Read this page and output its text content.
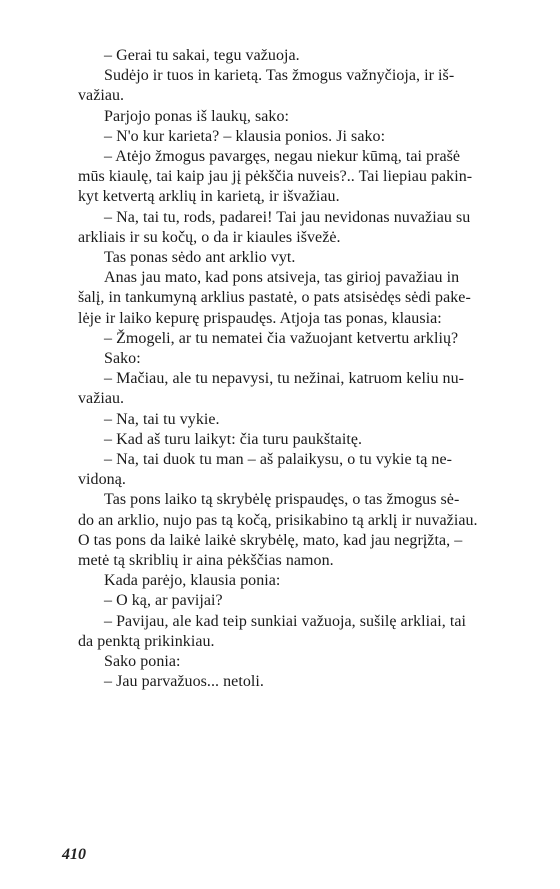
– Gerai tu sakai, tegu važuoja.

Sudėjo ir tuos in karietą. Tas žmogus važnyčioja, ir iš-
važiau.

Parjojo ponas iš laukų, sako:

– N'o kur karieta? – klausia ponios. Ji sako:

– Atėjo žmogus pavargęs, negau niekur kūmą, tai prašė
mūs kiaulę, tai kaip jau jį pėkščia nuveis?.. Tai liepiau pakin-
kyt ketvertą arklių in karietą, ir išvažiau.

– Na, tai tu, rods, padarei! Tai jau nevidonas nuvažiau su
arkliais ir su kočų, o da ir kiaules išvežė.

Tas ponas sėdo ant arklio vyt.

Anas jau mato, kad pons atsiveja, tas girioj pavažiau in
šalį, in tankumyną arklius pastatė, o pats atsisėdęs sėdi pake-
lėje ir laiko kepurę prispaudęs. Atjoja tas ponas, klausia:

– Žmogeli, ar tu nematei čia važuojant ketvertu arklių?

Sako:

– Mačiau, ale tu nepavysi, tu nežinai, katruom keliu nu-
važiau.

– Na, tai tu vykie.

– Kad aš turu laikyt: čia turu paukštaitę.

– Na, tai duok tu man – aš palaikysu, o tu vykie tą ne-
vidoną.

Tas pons laiko tą skrybėlę prispaudęs, o tas žmogus sė-
do an arklio, nujo pas tą kočą, prisikabino tą arklį ir nuvažiau.
O tas pons da laikė laikė skrybėlę, mato, kad jau negrįžta, –
metė tą skriblių ir aina pėkščias namon.

Kada parėjo, klausia ponia:

– O ką, ar pavijai?

– Pavijau, ale kad teip sunkiai važuoja, sušilę arkliai, tai
da penktą prikinkiau.

Sako ponia:

– Jau parvažuos... netoli.

410
